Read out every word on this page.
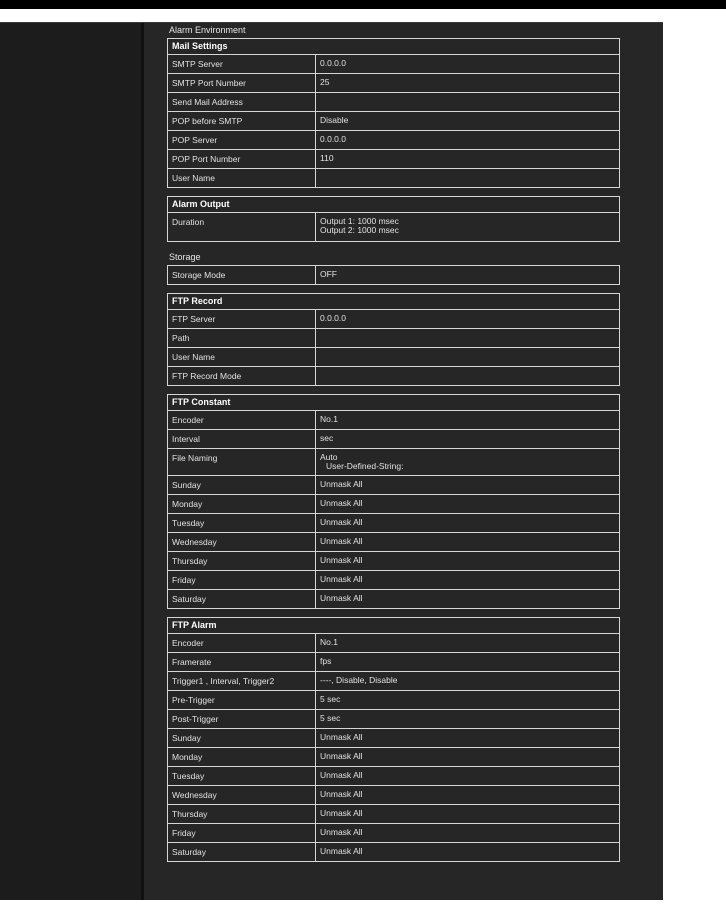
Alarm Environment
Mail Settings
SMTP Server	0.0.0.0
SMTP Port Number	25
Send Mail Address
POP before SMTP	Disable
POP Server	0.0.0.0
POP Port Number	110
User Name
Alarm Output
Duration	Output 1: 1000 msec
Output 2: 1000 msec
Storage
Storage Mode	OFF
FTP Record
FTP Server	0.0.0.0
Path
User Name
FTP Record Mode
FTP Constant
Encoder	No.1
Interval	sec
File Naming	Auto
User-Defined-String:
Sunday	Unmask All
Monday	Unmask All
Tuesday	Unmask All
Wednesday	Unmask All
Thursday	Unmask All
Friday	Unmask All
Saturday	Unmask All
FTP Alarm
Encoder	No.1
Framerate	fps
Trigger1 , Interval, Trigger2	----, Disable, Disable
Pre-Trigger	5 sec
Post-Trigger	5 sec
Sunday	Unmask All
Monday	Unmask All
Tuesday	Unmask All
Wednesday	Unmask All
Thursday	Unmask All
Friday	Unmask All
Saturday	Unmask All
